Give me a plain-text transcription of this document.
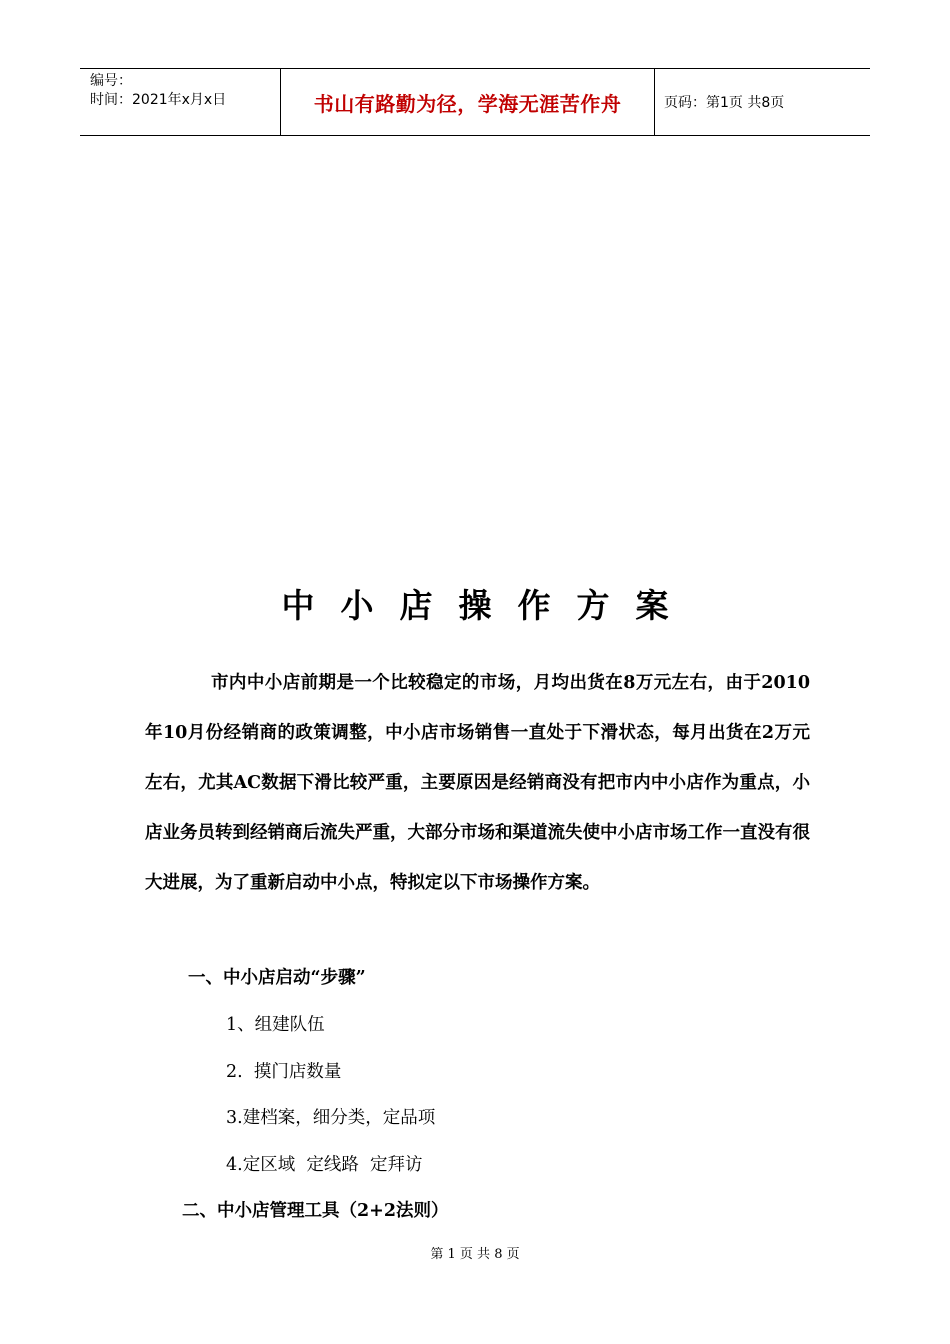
编号：
时间：2021年x月x日	书山有路勤为径，学海无涯苦作舟	页码：第1页 共8页
中小店操作方案

市内中小店前期是一个比较稳定的市场，月均出货在8万元左右，由于2010年10月份经销商的政策调整，中小店市场销售一直处于下滑状态，每月出货在2万元左右，尤其AC数据下滑比较严重，主要原因是经销商没有把市内中小店作为重点，小店业务员转到经销商后流失严重，大部分市场和渠道流失使中小店市场工作一直没有很大进展，为了重新启动中小点，特拟定以下市场操作方案。

一、中小店启动“步骤”

1、组建队伍

2.  摸门店数量

3.建档案，细分类，定品项

4.定区域  定线路  定拜访

二、中小店管理工具（2+2法则）

第 1 页 共 8 页
